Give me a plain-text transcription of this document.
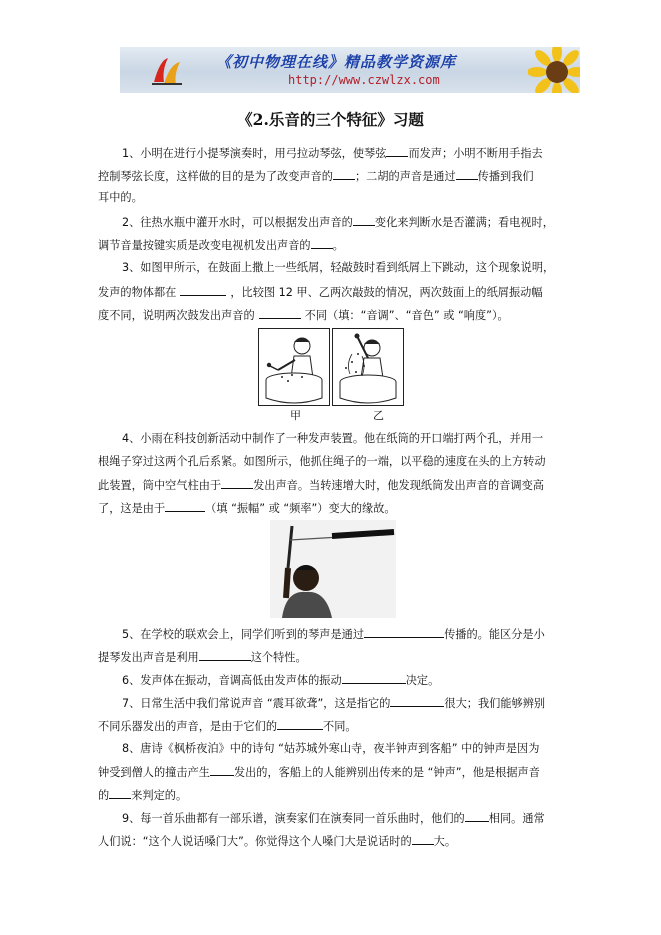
《初中物理在线》精品教学资源库
http://www.czwlzx.com
《2.乐音的三个特征》习题
1、小明在进行小提琴演奏时，用弓拉动琴弦，使琴弦 而发声；小明不断用手指去
控制琴弦长度，这样做的目的是为了改变声音的 ；二胡的声音是通过 传播到我们
耳中的。
2、往热水瓶中灌开水时，可以根据发出声音的 变化来判断水是否灌满；看电视时，
调节音量按键实质是改变电视机发出声音的 。
3、如图甲所示，在鼓面上撒上一些纸屑，轻敲鼓时看到纸屑上下跳动，这个现象说明，
发声的物体都在	，比较图 12 甲、乙两次敲鼓的情况，两次鼓面上的纸屑振动幅
度不同，说明两次鼓发出声音的	不同（填：“音调”、“音色” 或 “响度”）。
甲	乙
4、小雨在科技创新活动中制作了一种发声装置。他在纸筒的开口端打两个孔，并用一
根绳子穿过这两个孔后系紧。如图所示，他抓住绳子的一端，以平稳的速度在头的上方转动
此装置，筒中空气柱由于	发出声音。当转速增大时，他发现纸筒发出声音的音调变高
了，这是由于	（填 “振幅” 或 “频率”）变大的缘故。
5、在学校的联欢会上，同学们听到的琴声是通过	传播的。能区分是小
提琴发出声音是利用	这个特性。
6、发声体在振动，音调高低由发声体的振动	决定。
7、日常生活中我们常说声音 “震耳欲聋”，这是指它的	很大；我们能够辨别
不同乐器发出的声音，是由于它们的	不同。
8、唐诗《枫桥夜泊》中的诗句 “姑苏城外寒山寺，夜半钟声到客船” 中的钟声是因为
钟受到僧人的撞击产生 发出的，客船上的人能辨别出传来的是 “钟声”，他是根据声音
的 来判定的。
9、每一首乐曲都有一部乐谱，演奏家们在演奏同一首乐曲时，他们的 相同。通常
人们说：“这个人说话嗓门大”。你觉得这个人嗓门大是说话时的 大。
